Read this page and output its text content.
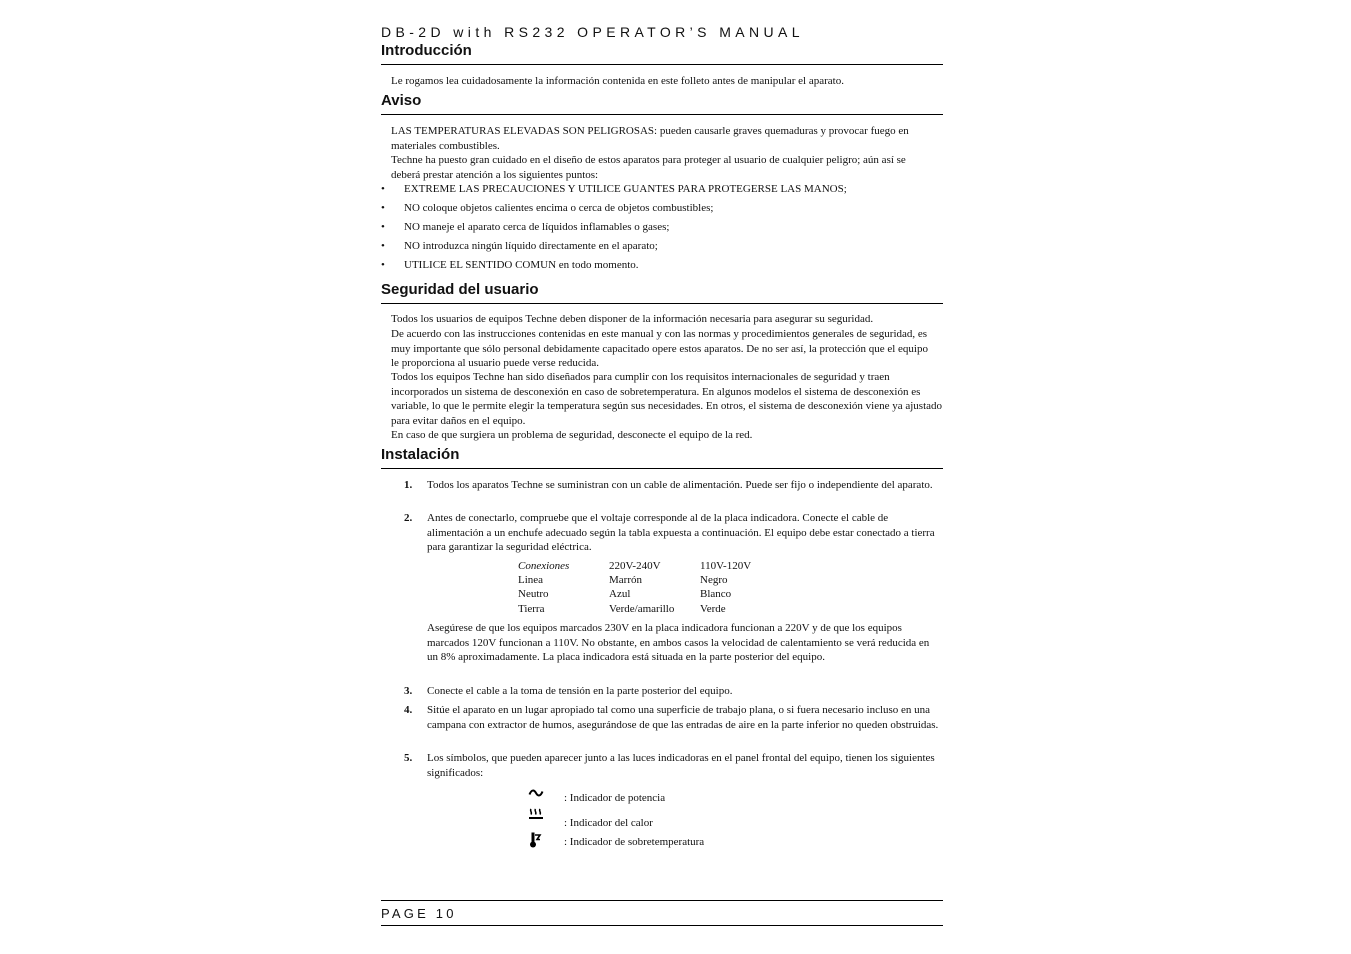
DB-2D with RS232 OPERATOR’S MANUAL
Introducción
Le rogamos lea cuidadosamente la información contenida en este folleto antes de manipular el aparato.
Aviso
LAS TEMPERATURAS ELEVADAS SON PELIGROSAS: pueden causarle graves quemaduras y provocar fuego en materiales combustibles.
Techne ha puesto gran cuidado en el diseño de estos aparatos para proteger al usuario de cualquier peligro; aún así se deberá prestar atención a los siguientes puntos:
• EXTREME LAS PRECAUCIONES Y UTILICE GUANTES PARA PROTEGERSE LAS MANOS;
• NO coloque objetos calientes encima o cerca de objetos combustibles;
• NO maneje el aparato cerca de líquidos inflamables o gases;
• NO introduzca ningún líquido directamente en el aparato;
• UTILICE EL SENTIDO COMUN en todo momento.
Seguridad del usuario
Todos los usuarios de equipos Techne deben disponer de la información necesaria para asegurar su seguridad.
De acuerdo con las instrucciones contenidas en este manual y con las normas y procedimientos generales de seguridad, es muy importante que sólo personal debidamente capacitado opere estos aparatos. De no ser así, la protección que el equipo le proporciona al usuario puede verse reducida.
Todos los equipos Techne han sido diseñados para cumplir con los requisitos internacionales de seguridad y traen incorporados un sistema de desconexión en caso de sobretemperatura. En algunos modelos el sistema de desconexión es variable, lo que le permite elegir la temperatura según sus necesidades. En otros, el sistema de desconexión viene ya ajustado para evitar daños en el equipo.
En caso de que surgiera un problema de seguridad, desconecte el equipo de la red.
Instalación
1. Todos los aparatos Techne se suministran con un cable de alimentación. Puede ser fijo o independiente del aparato.
2. Antes de conectarlo, compruebe que el voltaje corresponde al de la placa indicadora. Conecte el cable de alimentación a un enchufe adecuado según la tabla expuesta a continuación. El equipo debe estar conectado a tierra para garantizar la seguridad eléctrica.
Conexiones	220V-240V	110V-120V
Linea	Marrón	Negro
Neutro	Azul	Blanco
Tierra	Verde/amarillo	Verde
Asegúrese de que los equipos marcados 230V en la placa indicadora funcionan a 220V y de que los equipos marcados 120V funcionan a 110V. No obstante, en ambos casos la velocidad de calentamiento se verá reducida en un 8% aproximadamente. La placa indicadora está situada en la parte posterior del equipo.
3. Conecte el cable a la toma de tensión en la parte posterior del equipo.
4. Sitúe el aparato en un lugar apropiado tal como una superficie de trabajo plana, o si fuera necesario incluso en una campana con extractor de humos, asegurándose de que las entradas de aire en la parte inferior no queden obstruidas.
5. Los símbolos, que pueden aparecer junto a las luces indicadoras en el panel frontal del equipo, tienen los siguientes significados:
: Indicador de potencia
: Indicador del calor
: Indicador de sobretemperatura
PAGE 10
